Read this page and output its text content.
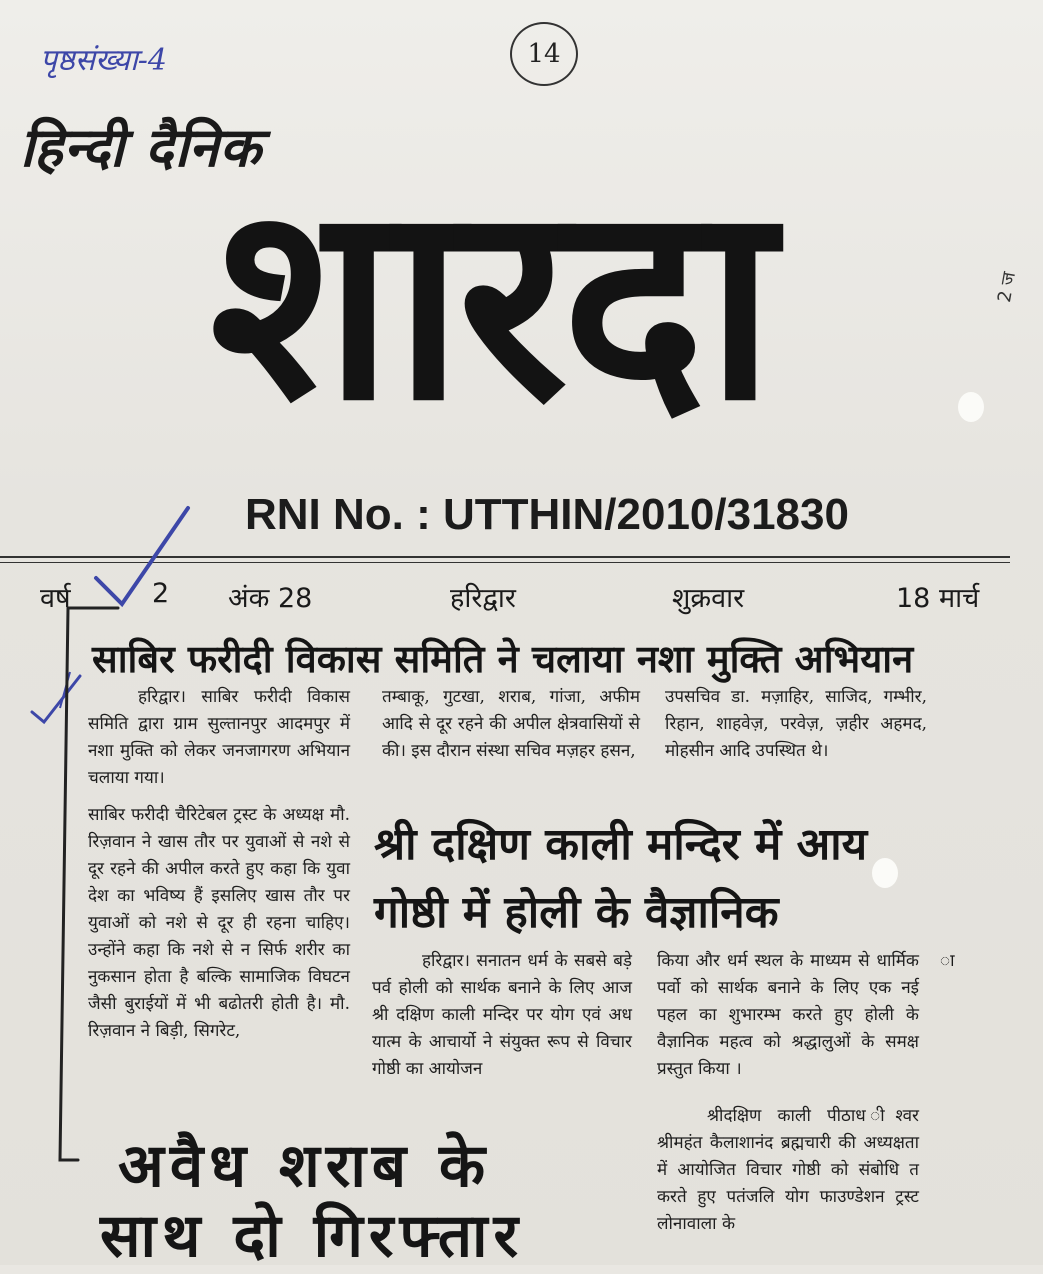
पृष्ठसंख्या-4	14

हिन्दी दैनिक
शारदा
RNI No. : UTTHIN/2010/31830
2 ज
वर्ष	2 अंक 28	हरिद्वार	शुक्रवार	18 मार्च
साबिर फरीदी विकास समिति ने चलाया नशा मुक्ति अभियान
हरिद्वार। साबिर फरीदी विकास समिति द्वारा ग्राम सुल्तानपुर आदमपुर में नशा मुक्ति को लेकर जनजागरण अभियान चलाया गया।
साबिर फरीदी चैरिटेबल ट्रस्ट के अध्यक्ष मौ. रिज़वान ने खास तौर पर युवाओं से नशे से दूर रहने की अपील करते हुए कहा कि युवा देश का भविष्य हैं इसलिए खास तौर पर युवाओं को नशे से दूर ही रहना चाहिए। उन्होंने कहा कि नशे से न सिर्फ शरीर का नुकसान होता है बल्कि सामाजिक विघटन जैसी बुराईयों में भी बढोतरी होती है। मौ. रिज़वान ने बिड़ी, सिगरेट,
तम्बाकू, गुटखा, शराब, गांजा, अफीम आदि से दूर रहने की अपील क्षेत्रवासियों से की। इस दौरान संस्था सचिव मज़हर हसन,
उपसचिव डा. मज़ाहिर, साजिद, गम्भीर, रिहान, शाहवेज़, परवेज़, ज़हीर अहमद, मोहसीन आदि उपस्थित थे।
श्री दक्षिण काली मन्दिर में आय
गोष्ठी में होली के वैज्ञानिक
हरिद्वार। सनातन धर्म के सबसे बड़े पर्व होली को सार्थक बनाने के लिए आज श्री दक्षिण काली मन्दिर पर योग एवं अध यात्म के आचार्यो ने संयुक्त रूप से विचार गोष्ठी का आयोजन
किया और धर्म स्थल के माध्यम से धार्मिक पर्वो को सार्थक बनाने के लिए एक नई पहल का शुभारम्भ करते हुए होली के वैज्ञानिक महत्व को श्रद्धालुओं के समक्ष प्रस्तुत किया ।
श्रीदक्षिण काली पीठाध ीश्वर श्रीमहंत कैलाशानंद ब्रह्मचारी की अध्यक्षता में आयोजित विचार गोष्ठी को संबोधि त करते हुए पतंजलि योग फाउण्डेशन ट्रस्ट लोनावाला के
ा
अवैध शराब के
साथ दो गिरफ्तार
